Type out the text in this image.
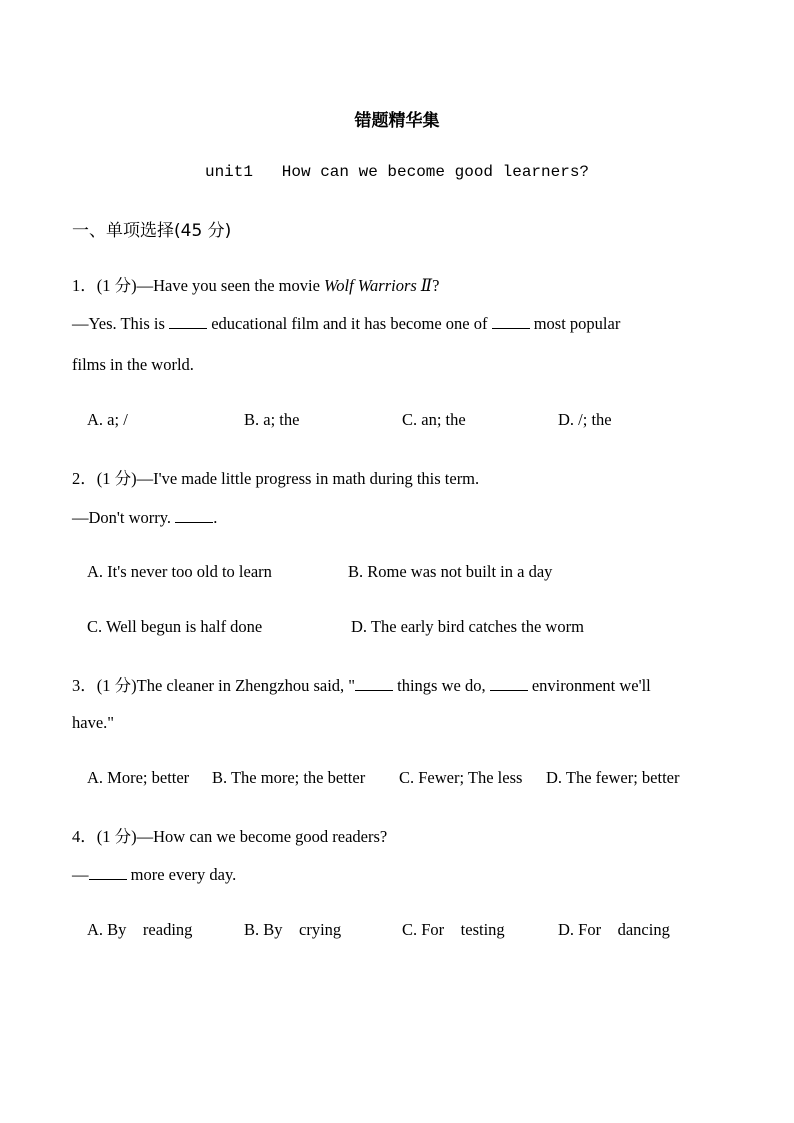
错题精华集
unit1   How can we become good learners?
一、单项选择(45 分)
1．(1 分)—Have you seen the movie Wolf Warriors Ⅱ?
—Yes. This is  educational film and it has become one of  most popular
films in the world.
A. a; /	B. a; the	C. an; the	D. /; the
2．(1 分)—I've made little progress in math during this term.
—Don't worry. .
A. It's never too old to learn	B. Rome was not built in a day
C. Well begun is half done	D. The early bird catches the worm
3．(1 分)The cleaner in Zhengzhou said, " things we do,  environment we'll
have."
A. More; better B. The more; the better C. Fewer; The less D. The fewer; better
4．(1 分)—How can we become good readers?
— more every day.
A. By    reading	B. By    crying	C. For    testing	D. For    dancing
